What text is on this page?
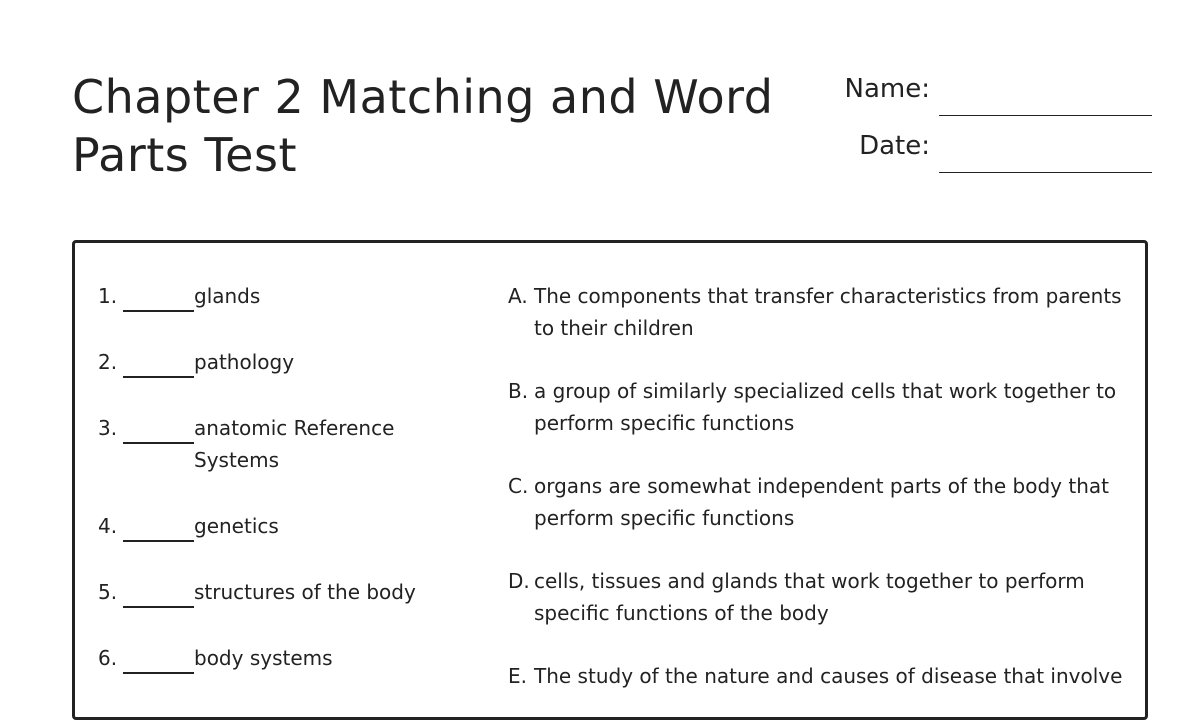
Chapter 2 Matching and Word Parts Test
Name:
Date:
1.	glands
2.	pathology
3.	anatomic Reference Systems
4.	genetics
5.	structures of the body
6.	body systems
A. The components that transfer characteristics from parents to their children
B. a group of similarly specialized cells that work together to perform specific functions
C. organs are somewhat independent parts of the body that perform specific functions
D. cells, tissues and glands that work together to perform specific functions of the body
E. The study of the nature and causes of disease that involve
